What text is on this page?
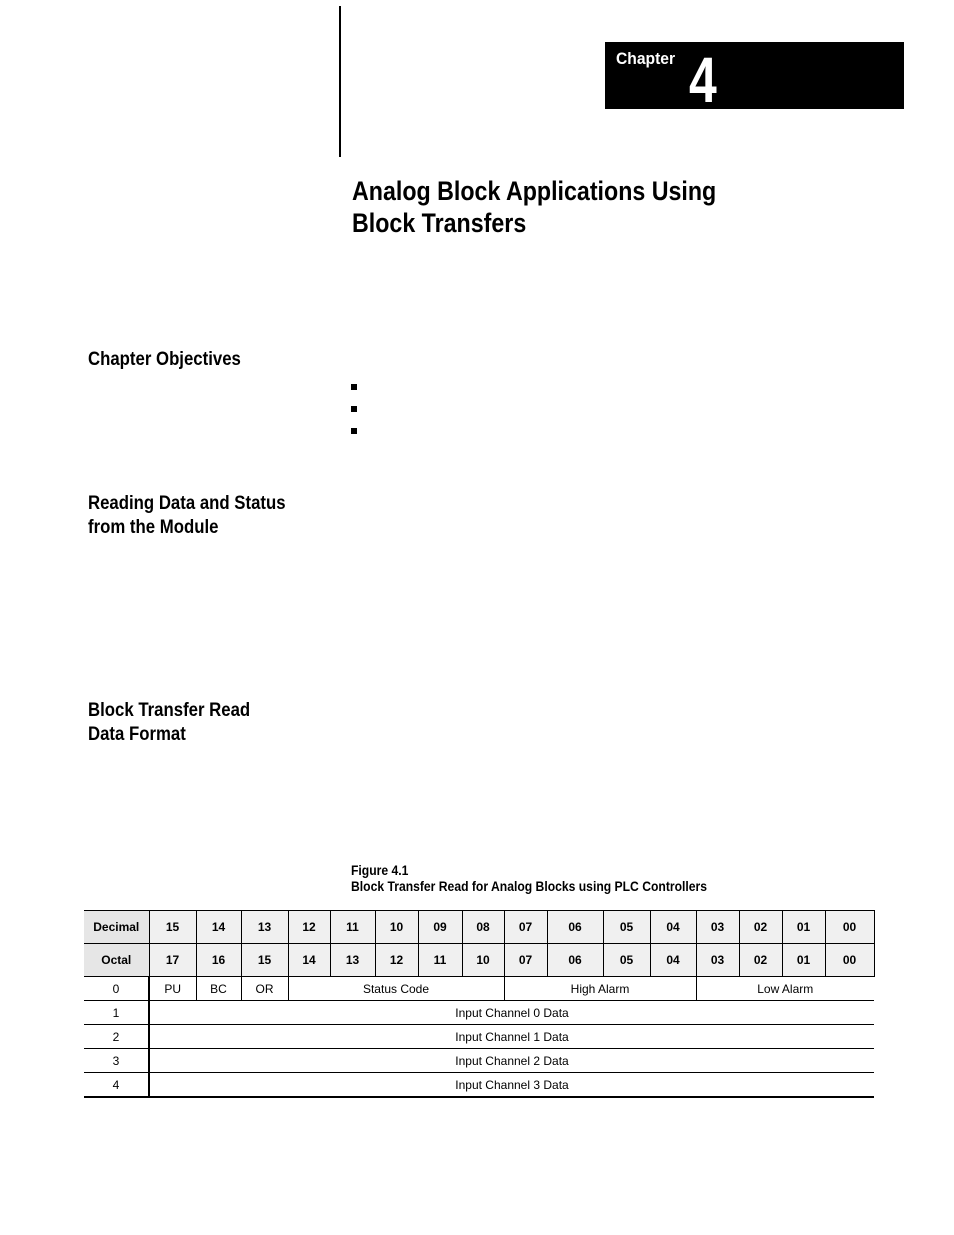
Chapter 4
Analog Block Applications Using
Block Transfers
Chapter Objectives
Reading Data and Status
from the Module
Block Transfer Read
Data Format
Figure 4.1
Block Transfer Read for Analog Blocks using PLC Controllers
Decimal	15	14	13	12	11	10	09	08	07	06	05	04	03	02	01	00
Octal	17	16	15	14	13	12	11	10	07	06	05	04	03	02	01	00
0	PU	BC	OR	Status Code					High Alarm				Low Alarm			
1	Input Channel 0 Data															
2	Input Channel 1 Data															
3	Input Channel 2 Data															
4	Input Channel 3 Data															
